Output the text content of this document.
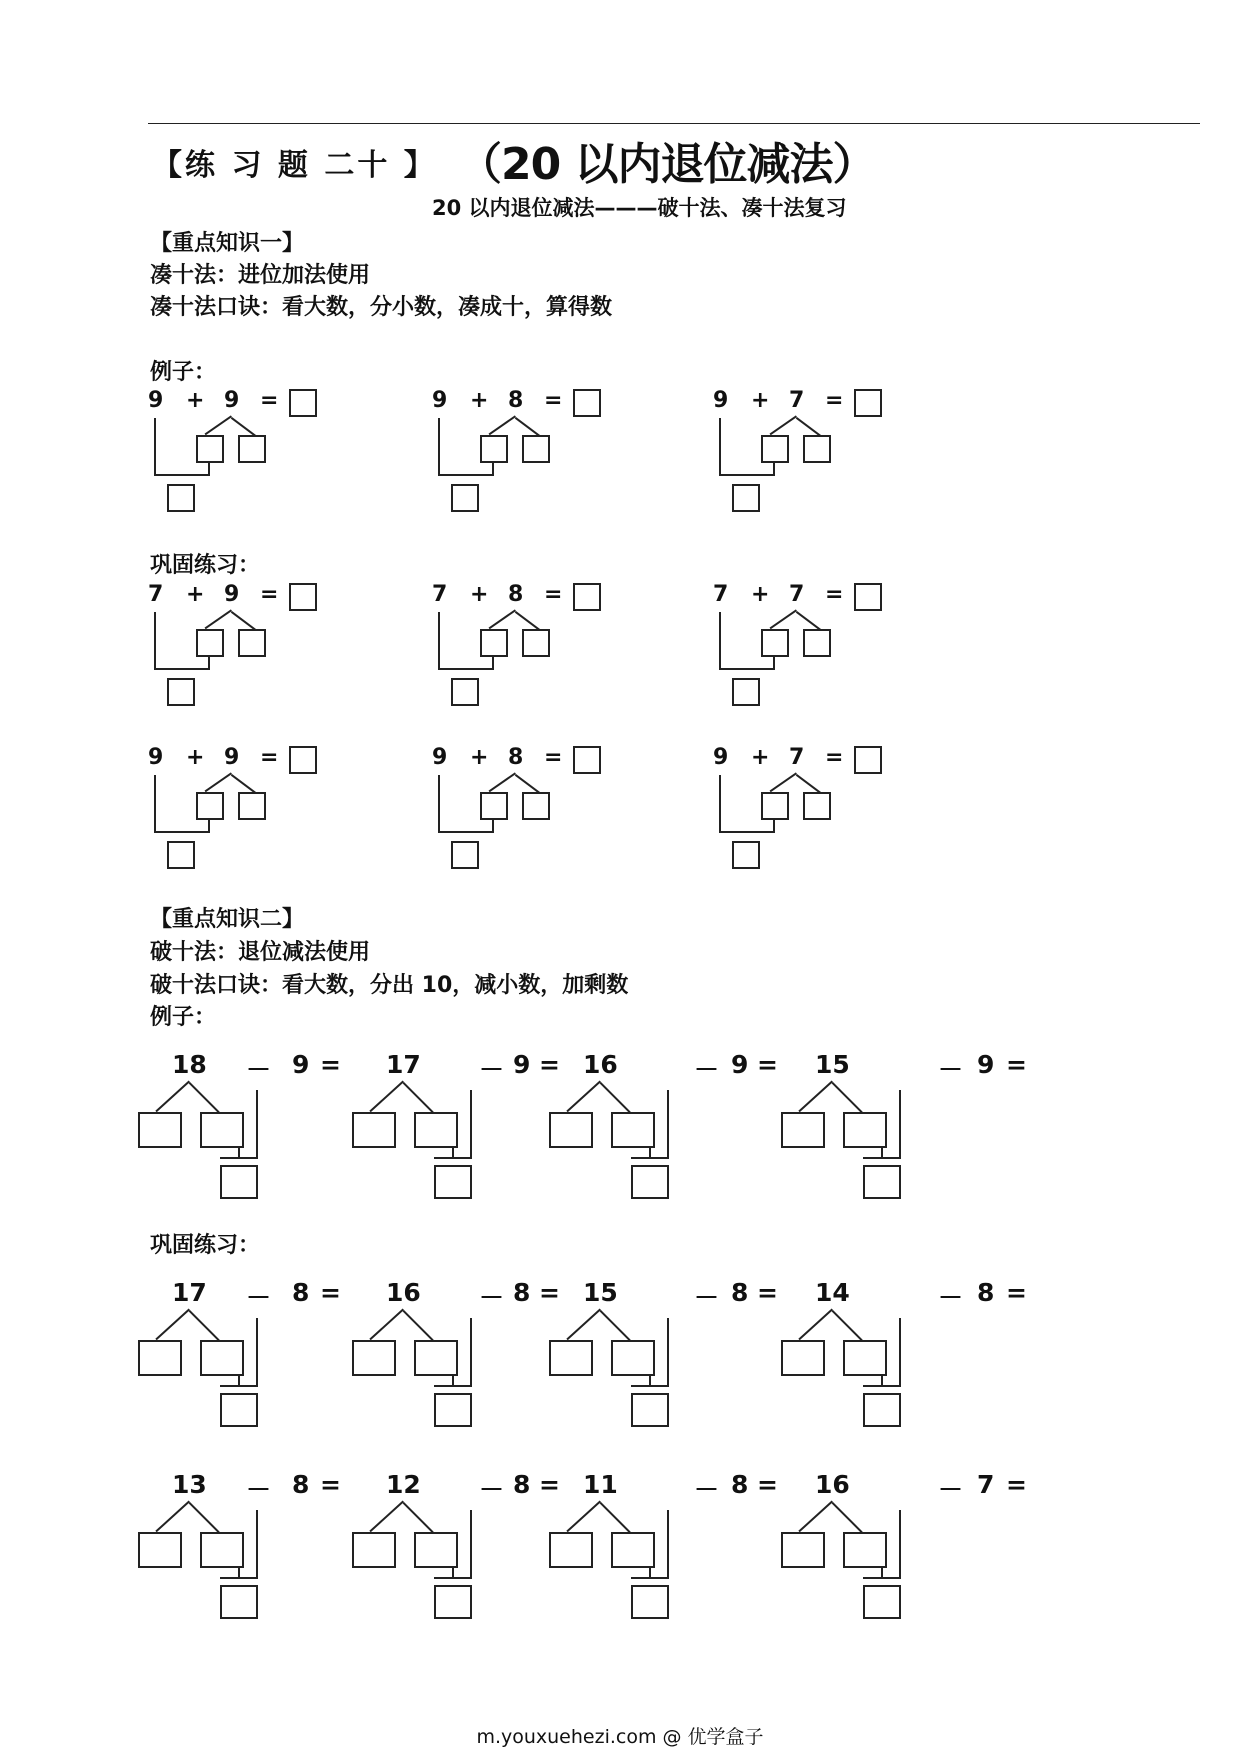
【练 习 题 二十 】 （20 以内退位减法）
20 以内退位减法———破十法、凑十法复习
【重点知识一】
凑十法：进位加法使用
凑十法口诀：看大数，分小数，凑成十，算得数
例子：
巩固练习：
9 + 9 =	9 + 8 =	9 + 7 =
7 + 9 =	7 + 8 =	7 + 7 =
9 + 9 =	9 + 8 =	9 + 7 =
【重点知识二】
破十法：退位减法使用
破十法口诀：看大数，分出 10，减小数，加剩数
例子：
巩固练习：
18 － 9 = 17 － 9 = 16	－ 9 = 15	－ 9 =
17 － 8 = 16 － 8 = 15	－ 8 = 14	－ 8 =
13 － 8 = 12 － 8 = 11	－ 8 = 16	－ 7 =
m.youxuehezi.com @ 优学盒子
